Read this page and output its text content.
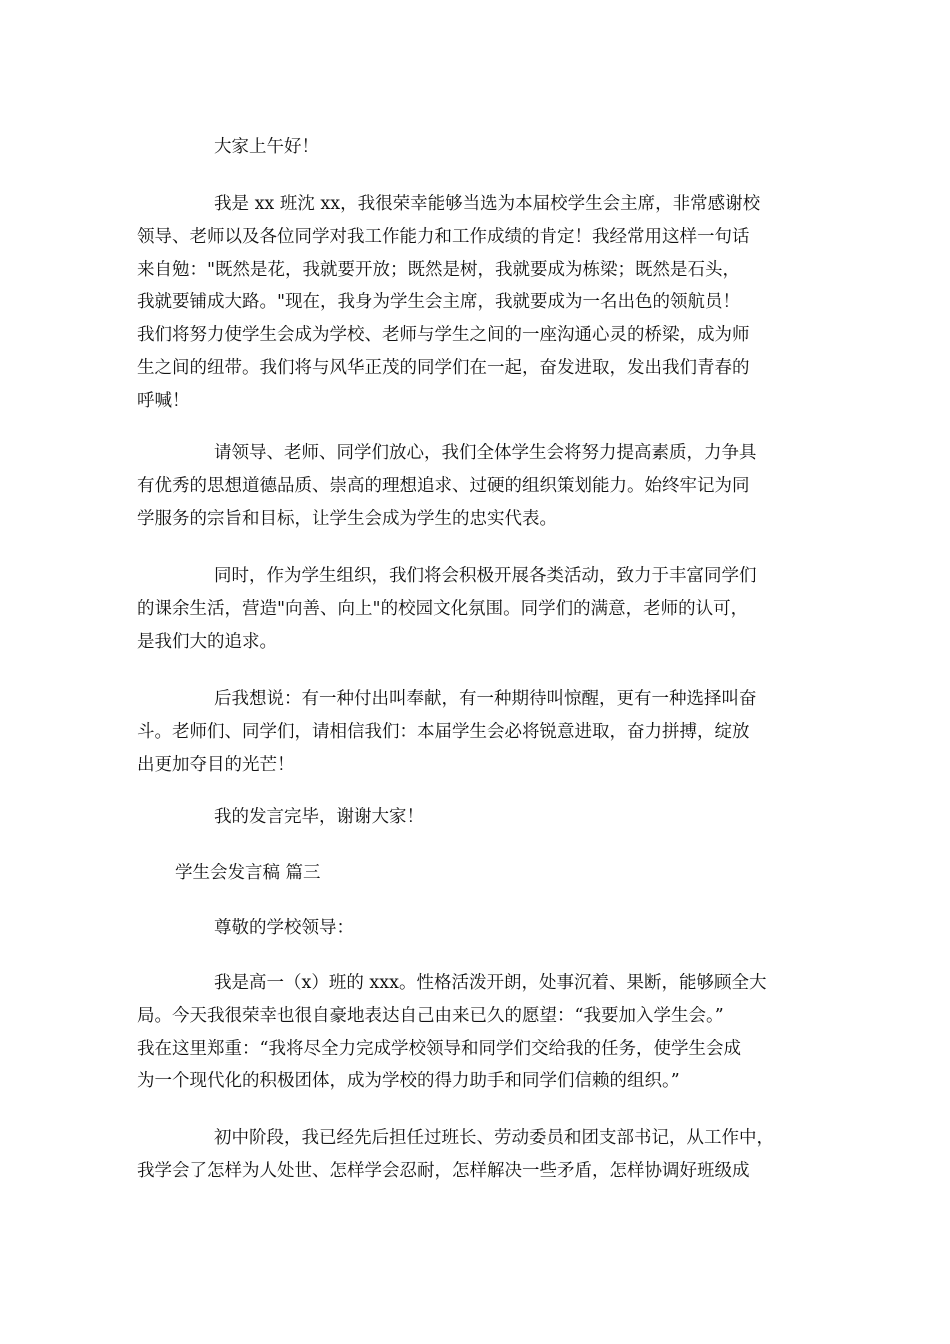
大家上午好！

我是 xx 班沈 xx，我很荣幸能够当选为本届校学生会主席，非常感谢校
领导、老师以及各位同学对我工作能力和工作成绩的肯定！我经常用这样一句话
来自勉："既然是花，我就要开放；既然是树，我就要成为栋梁；既然是石头，
我就要铺成大路。"现在，我身为学生会主席，我就要成为一名出色的领航员！
我们将努力使学生会成为学校、老师与学生之间的一座沟通心灵的桥梁，成为师
生之间的纽带。我们将与风华正茂的同学们在一起，奋发进取，发出我们青春的
呼喊！

请领导、老师、同学们放心，我们全体学生会将努力提高素质，力争具
有优秀的思想道德品质、崇高的理想追求、过硬的组织策划能力。始终牢记为同
学服务的宗旨和目标，让学生会成为学生的忠实代表。

同时，作为学生组织，我们将会积极开展各类活动，致力于丰富同学们
的课余生活，营造"向善、向上"的校园文化氛围。同学们的满意，老师的认可，
是我们大的追求。

后我想说：有一种付出叫奉献，有一种期待叫惊醒，更有一种选择叫奋
斗。老师们、同学们，请相信我们：本届学生会必将锐意进取，奋力拼搏，绽放
出更加夺目的光芒！

我的发言完毕，谢谢大家！

学生会发言稿 篇三

尊敬的学校领导：

我是高一（x）班的 xxx。性格活泼开朗，处事沉着、果断，能够顾全大
局。今天我很荣幸也很自豪地表达自己由来已久的愿望：“我要加入学生会。”
我在这里郑重：“我将尽全力完成学校领导和同学们交给我的任务，使学生会成
为一个现代化的积极团体，成为学校的得力助手和同学们信赖的组织。”

初中阶段，我已经先后担任过班长、劳动委员和团支部书记，从工作中，
我学会了怎样为人处世、怎样学会忍耐，怎样解决一些矛盾，怎样协调好班级成
